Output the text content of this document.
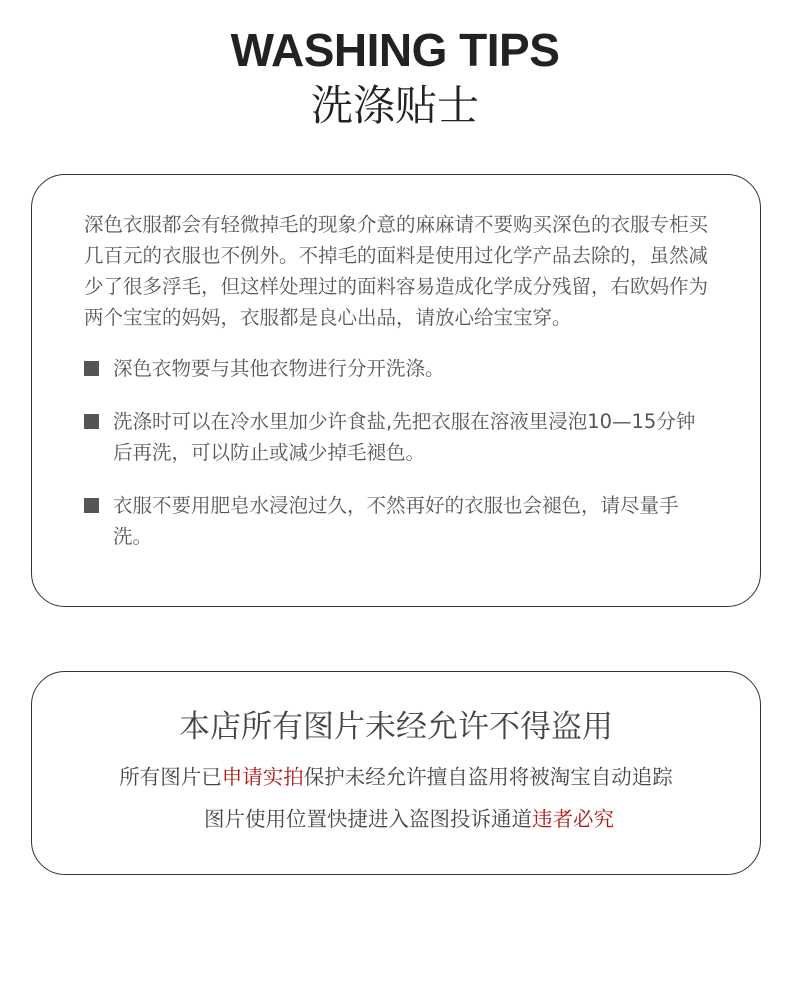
WASHING TIPS
洗涤贴士

深色衣服都会有轻微掉毛的现象介意的麻麻请不要购买深色的衣服专柜买几百元的衣服也不例外。不掉毛的面料是使用过化学产品去除的，虽然减少了很多浮毛，但这样处理过的面料容易造成化学成分残留，右欧妈作为两个宝宝的妈妈，衣服都是良心出品，请放心给宝宝穿。

深色衣物要与其他衣物进行分开洗涤。
洗涤时可以在冷水里加少许食盐,先把衣服在溶液里浸泡10—15分钟后再洗，可以防止或减少掉毛褪色。
衣服不要用肥皂水浸泡过久，不然再好的衣服也会褪色，请尽量手洗。
本店所有图片未经允许不得盗用
所有图片已申请实拍保护未经允许擅自盗用将被淘宝自动追踪
图片使用位置快捷进入盗图投诉通道违者必究
